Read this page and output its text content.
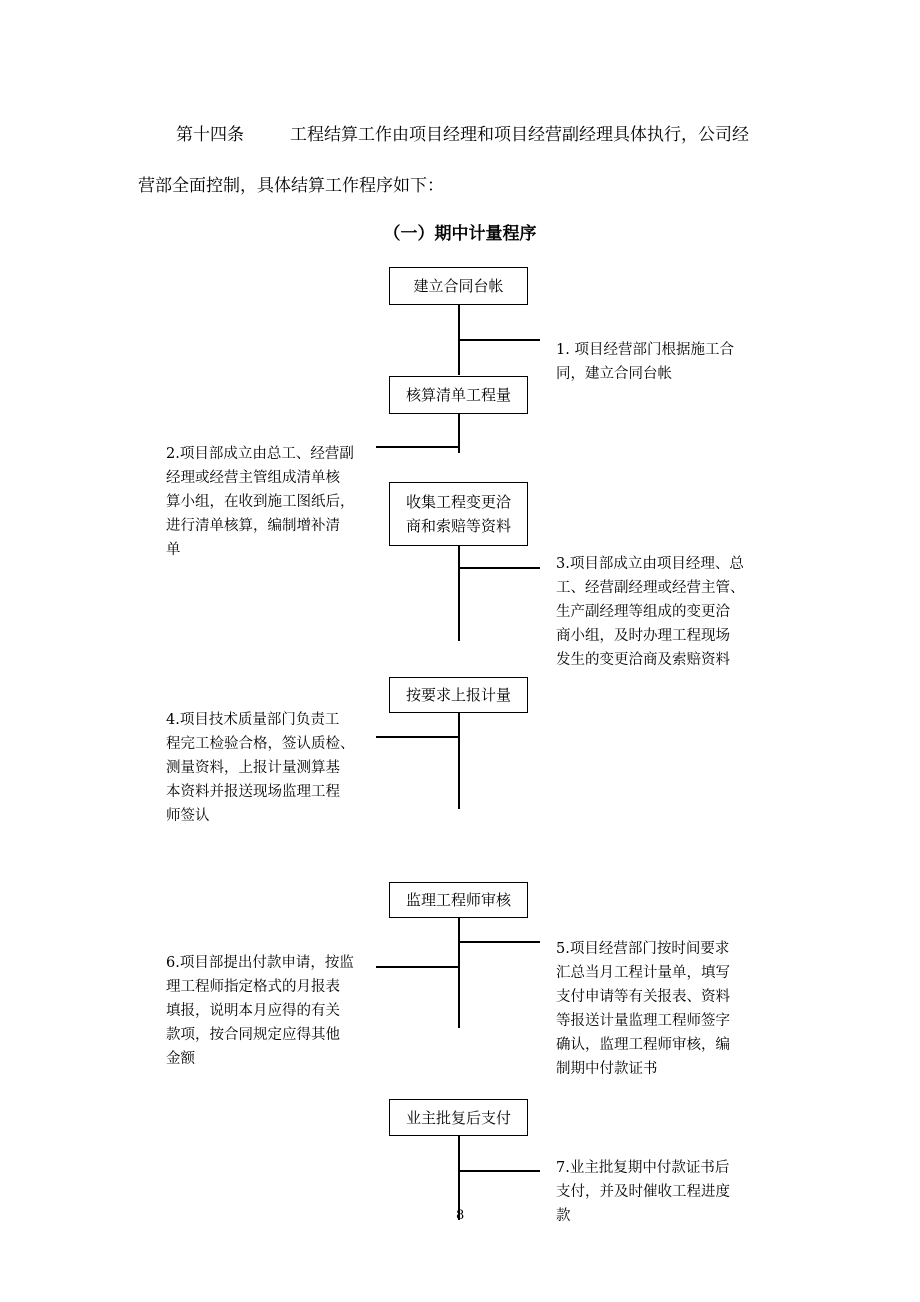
第十四条	工程结算工作由项目经理和项目经营副经理具体执行，公司经
营部全面控制，具体结算工作程序如下：
（一）期中计量程序
建立合同台帐
核算清单工程量
收集工程变更洽
商和索赔等资料
按要求上报计量
监理工程师审核
业主批复后支付
1. 项目经营部门根据施工合
同，建立合同台帐
2.项目部成立由总工、经营副
经理或经营主管组成清单核
算小组，在收到施工图纸后，
进行清单核算，编制增补清
单
3.项目部成立由项目经理、总
工、经营副经理或经营主管、
生产副经理等组成的变更洽
商小组，及时办理工程现场
发生的变更洽商及索赔资料
4.项目技术质量部门负责工
程完工检验合格，签认质检、
测量资料，上报计量测算基
本资料并报送现场监理工程
师签认
5.项目经营部门按时间要求
汇总当月工程计量单，填写
支付申请等有关报表、资料
等报送计量监理工程师签字
确认，监理工程师审核，编
制期中付款证书
6.项目部提出付款申请，按监
理工程师指定格式的月报表
填报，说明本月应得的有关
款项，按合同规定应得其他
金额
7.业主批复期中付款证书后
支付，并及时催收工程进度
款
8
